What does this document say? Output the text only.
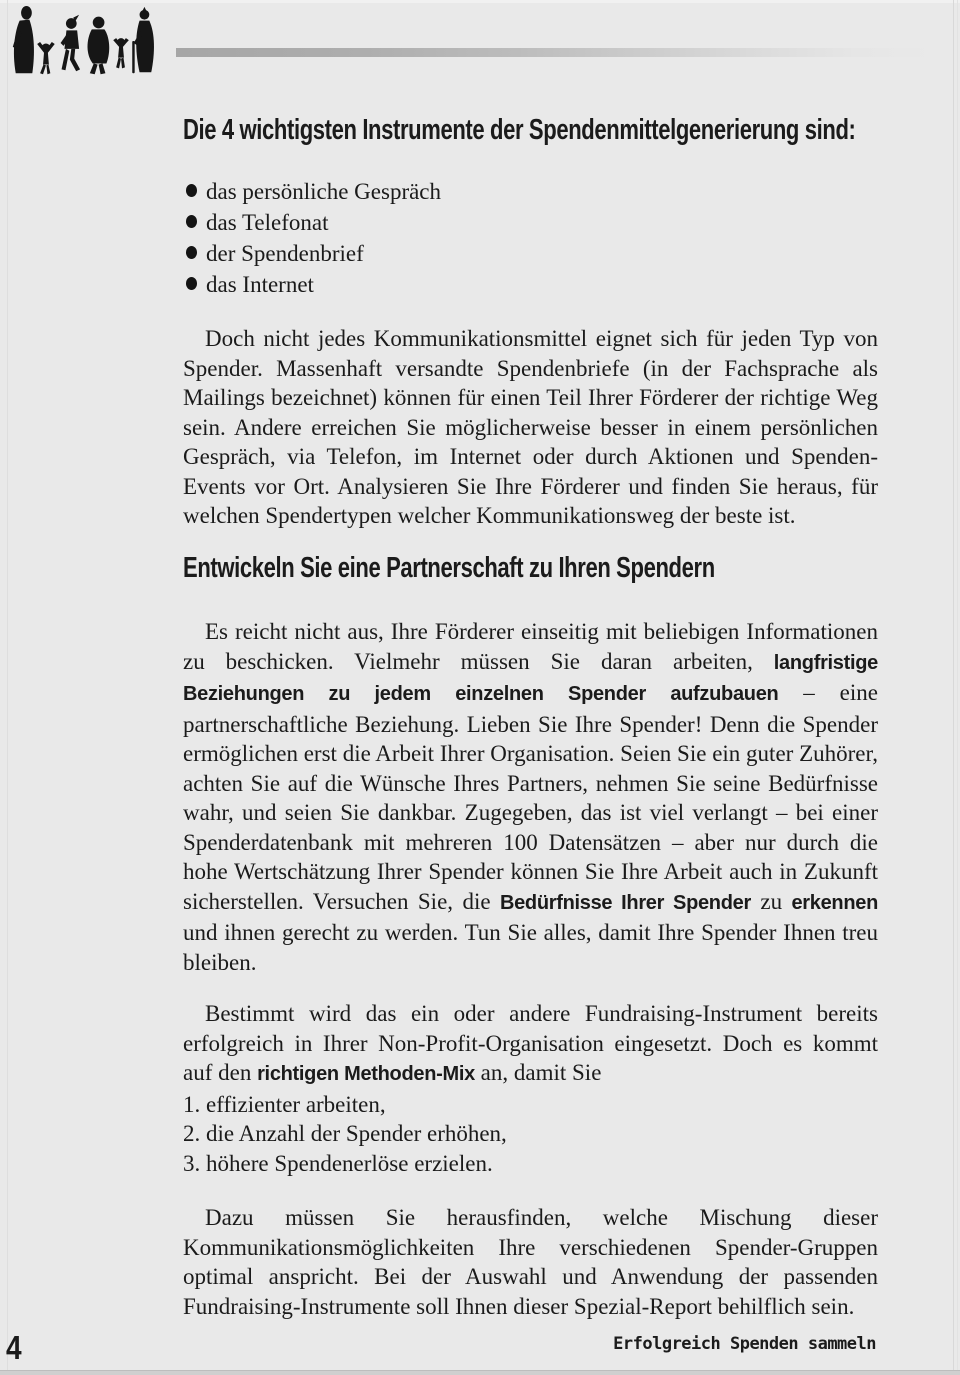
Die 4 wichtigsten Instrumente der Spendenmittelgenerierung sind:
das persönliche Gespräch
das Telefonat
der Spendenbrief
das Internet
Doch nicht jedes Kommunikationsmittel eignet sich für jeden Typ von Spender. Massenhaft versandte Spendenbriefe (in der Fachsprache als Mailings bezeichnet) können für einen Teil Ihrer Förderer der richtige Weg sein. Andere erreichen Sie möglicherweise besser in einem persönlichen Gespräch, via Telefon, im Internet oder durch Aktionen und Spenden-Events vor Ort. Analysieren Sie Ihre Förderer und finden Sie heraus, für welchen Spendertypen welcher Kommunikationsweg der beste ist.
Entwickeln Sie eine Partnerschaft zu Ihren Spendern
Es reicht nicht aus, Ihre Förderer einseitig mit beliebigen Informationen zu beschicken. Vielmehr müssen Sie daran arbeiten, langfristige Beziehungen zu jedem einzelnen Spender aufzubauen – eine partnerschaftliche Beziehung. Lieben Sie Ihre Spender! Denn die Spender ermöglichen erst die Arbeit Ihrer Organisation. Seien Sie ein guter Zuhörer, achten Sie auf die Wünsche Ihres Partners, nehmen Sie seine Bedürfnisse wahr, und seien Sie dankbar. Zugegeben, das ist viel verlangt – bei einer Spenderdatenbank mit mehreren 100 Datensätzen – aber nur durch die hohe Wertschätzung Ihrer Spender können Sie Ihre Arbeit auch in Zukunft sicherstellen. Versuchen Sie, die Bedürfnisse Ihrer Spender zu erkennen und ihnen gerecht zu werden. Tun Sie alles, damit Ihre Spender Ihnen treu bleiben.
Bestimmt wird das ein oder andere Fundraising-Instrument bereits erfolgreich in Ihrer Non-Profit-Organisation eingesetzt. Doch es kommt auf den richtigen Methoden-Mix an, damit Sie
1. effizienter arbeiten,
2. die Anzahl der Spender erhöhen,
3. höhere Spendenerlöse erzielen.
Dazu müssen Sie herausfinden, welche Mischung dieser Kommunikationsmöglichkeiten Ihre verschiedenen Spender-Gruppen optimal anspricht. Bei der Auswahl und Anwendung der passenden Fundraising-Instrumente soll Ihnen dieser Spezial-Report behilflich sein.
4	Erfolgreich Spenden sammeln
